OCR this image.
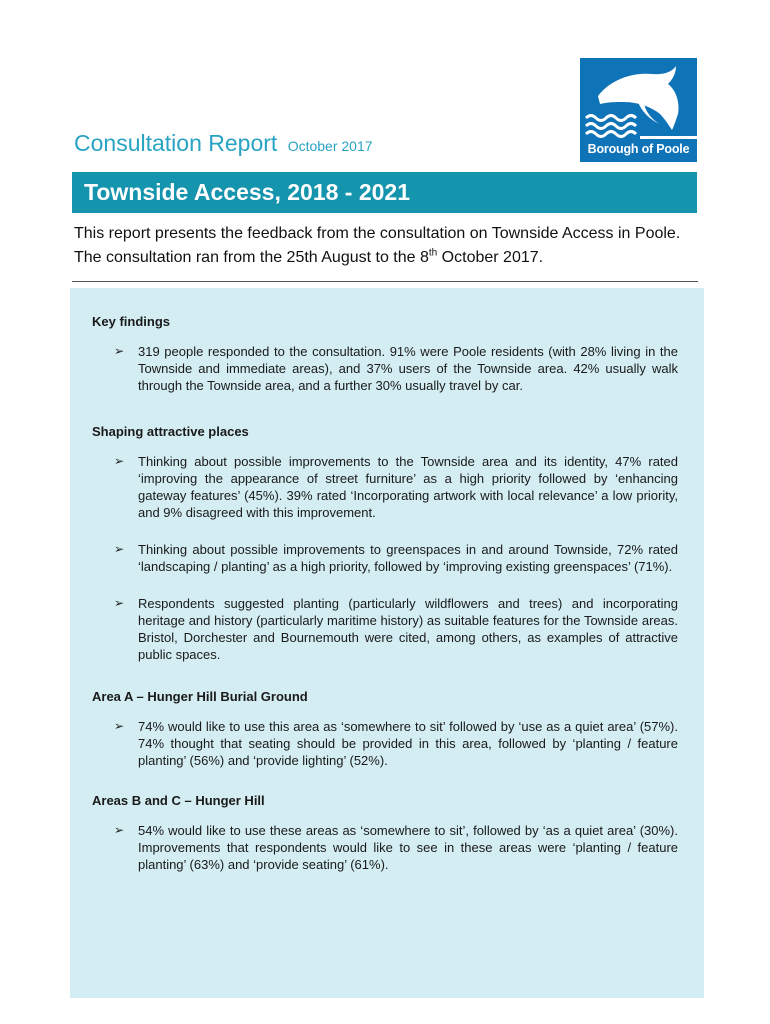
Borough of Poole
Consultation Report October 2017
Townside Access, 2018 - 2021
This report presents the feedback from the consultation on Townside Access in Poole. The consultation ran from the 25th August to the 8th October 2017.
Key findings
➢ 319 people responded to the consultation. 91% were Poole residents (with 28% living in the Townside and immediate areas), and 37% users of the Townside area. 42% usually walk through the Townside area, and a further 30% usually travel by car.
Shaping attractive places
➢ Thinking about possible improvements to the Townside area and its identity, 47% rated ‘improving the appearance of street furniture’ as a high priority followed by ‘enhancing gateway features’ (45%). 39% rated ‘Incorporating artwork with local relevance’ a low priority, and 9% disagreed with this improvement.
➢ Thinking about possible improvements to greenspaces in and around Townside, 72% rated ‘landscaping / planting’ as a high priority, followed by ‘improving existing greenspaces’ (71%).
➢ Respondents suggested planting (particularly wildflowers and trees) and incorporating heritage and history (particularly maritime history) as suitable features for the Townside areas. Bristol, Dorchester and Bournemouth were cited, among others, as examples of attractive public spaces.
Area A – Hunger Hill Burial Ground
➢ 74% would like to use this area as ‘somewhere to sit’ followed by ‘use as a quiet area’ (57%). 74% thought that seating should be provided in this area, followed by ‘planting / feature planting’ (56%) and ‘provide lighting’ (52%).
Areas B and C – Hunger Hill
➢ 54% would like to use these areas as ‘somewhere to sit’, followed by ‘as a quiet area’ (30%). Improvements that respondents would like to see in these areas were ‘planting / feature planting’ (63%) and ‘provide seating’ (61%).
